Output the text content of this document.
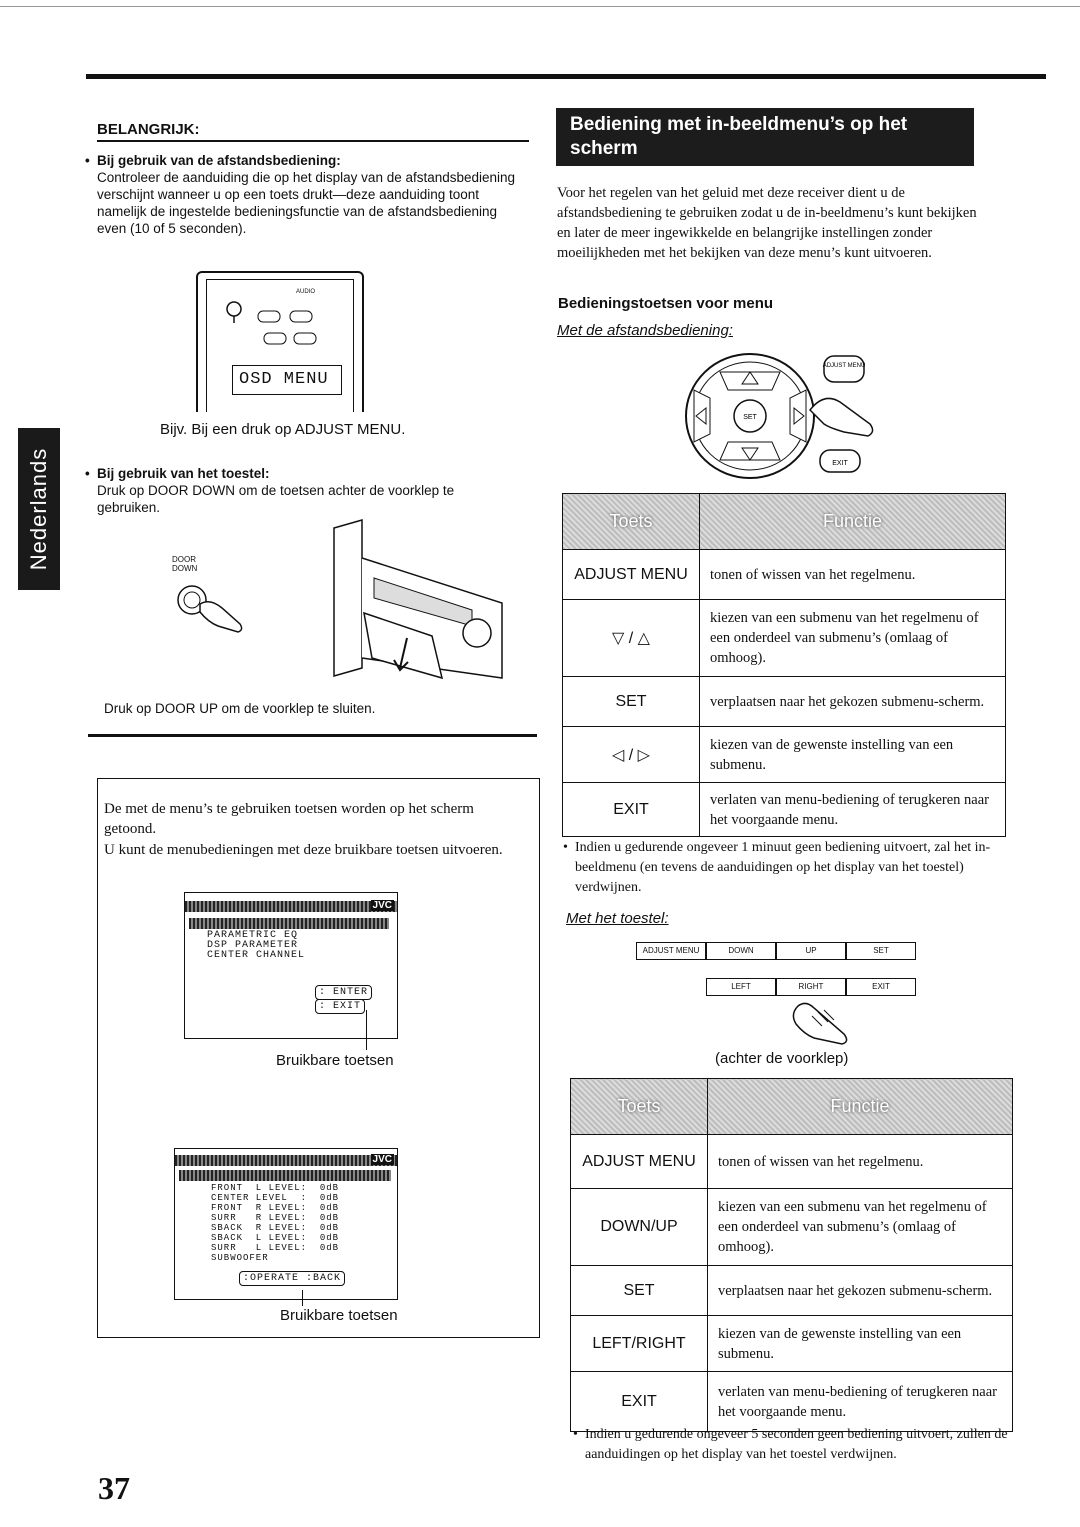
Nederlands
BELANGRIJK:
• Bij gebruik van de afstandsbediening:
Controleer de aanduiding die op het display van de afstandsbediening verschijnt wanneer u op een toets drukt—deze aanduiding toont namelijk de ingestelde bedieningsfunctie van de afstandsbediening even (10 of 5 seconden).
AUDIO
OSD MENU
Bijv. Bij een druk op ADJUST MENU.
• Bij gebruik van het toestel:
Druk op DOOR DOWN om de toetsen achter de voorklep te gebruiken.
DOOR DOWN
Druk op DOOR UP om de voorklep te sluiten.
De met de menu’s te gebruiken toetsen worden op het scherm getoond.
U kunt de menubedieningen met deze bruikbare toetsen uitvoeren.
JVC
PARAMETRIC EQ
DSP PARAMETER
CENTER CHANNEL
: ENTER
: EXIT
Bruikbare toetsen
JVC
FRONT  L LEVEL:  0dB
CENTER LEVEL  :  0dB
FRONT  R LEVEL:  0dB
SURR   R LEVEL:  0dB
SBACK  R LEVEL:  0dB
SBACK  L LEVEL:  0dB
SURR   L LEVEL:  0dB
SUBWOOFER
:OPERATE :BACK
Bruikbare toetsen
Bediening met in-beeldmenu’s op het scherm
Voor het regelen van het geluid met deze receiver dient u de afstandsbediening te gebruiken zodat u de in-beeldmenu’s kunt bekijken en later de meer ingewikkelde en belangrijke instellingen zonder moeilijkheden met het bekijken van deze menu’s kunt uitvoeren.
Bedieningstoetsen voor menu
Met de afstandsbediening:
SET
ADJUST MENU
EXIT
Toets	Functie
ADJUST MENU	tonen of wissen van het regelmenu.
▽ / △	kiezen van een submenu van het regelmenu of een onderdeel van submenu’s (omlaag of omhoog).
SET	verplaatsen naar het gekozen submenu-scherm.
◁ / ▷	kiezen van de gewenste instelling van een submenu.
EXIT	verlaten van menu-bediening of terugkeren naar het voorgaande menu.
• Indien u gedurende ongeveer 1 minuut geen bediening uitvoert, zal het in-beeldmenu (en tevens de aanduidingen op het display van het toestel) verdwijnen.
Met het toestel:
ADJUST MENU	DOWN	UP	SET
LEFT	RIGHT	EXIT
(achter de voorklep)
Toets	Functie
ADJUST MENU	tonen of wissen van het regelmenu.
DOWN/UP	kiezen van een submenu van het regelmenu of een onderdeel van submenu’s (omlaag of omhoog).
SET	verplaatsen naar het gekozen submenu-scherm.
LEFT/RIGHT	kiezen van de gewenste instelling van een submenu.
EXIT	verlaten van menu-bediening of terugkeren naar het voorgaande menu.
• Indien u gedurende ongeveer 5 seconden geen bediening uitvoert, zullen de aanduidingen op het display van het toestel verdwijnen.
37
